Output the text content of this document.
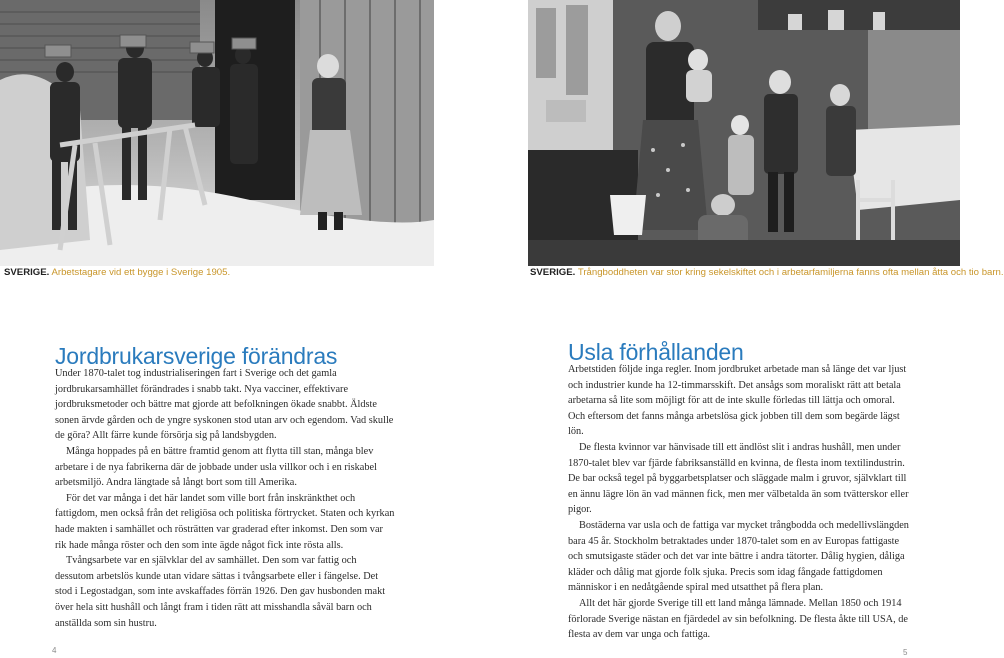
SVERIGE. Arbetstagare vid ett bygge i Sverige 1905.	SVERIGE. Trångboddheten var stor kring sekelskiftet och i arbetarfamiljerna fanns ofta mellan åtta och tio barn.
Jordbrukarsverige förändras

Under 1870-talet tog industrialiseringen fart i Sverige och det gamla jordbrukarsamhället förändrades i snabb takt. Nya vacciner, effektivare jordbruksmetoder och bättre mat gjorde att befolkningen ökade snabbt. Äldste sonen ärvde gården och de yngre syskonen stod utan arv och egendom. Vad skulle de göra? Allt färre kunde försörja sig på landsbygden.

Många hoppades på en bättre framtid genom att flytta till stan, många blev arbetare i de nya fabrikerna där de jobbade under usla villkor och i en riskabel arbetsmiljö. Andra längtade så långt bort som till Amerika.

För det var många i det här landet som ville bort från inskränkthet och fattigdom, men också från det religiösa och politiska förtrycket. Staten och kyrkan hade makten i samhället och rösträtten var graderad efter inkomst. Den som var rik hade många röster och den som inte ägde något fick inte rösta alls.

Tvångsarbete var en självklar del av samhället. Den som var fattig och dessutom arbetslös kunde utan vidare sättas i tvångsarbete eller i fängelse. Det stod i Legostadgan, som inte avskaffades förrän 1926. Den gav husbonden makt över hela sitt hushåll och långt fram i tiden rätt att misshandla såväl barn och anställda som sin hustru.

Usla förhållanden

Arbetstiden följde inga regler. Inom jordbruket arbetade man så länge det var ljust och industrier kunde ha 12-timmarsskift. Det ansågs som moraliskt rätt att betala arbetarna så lite som möjligt för att de inte skulle förledas till lättja och omoral. Och eftersom det fanns många arbetslösa gick jobben till dem som begärde lägst lön.

De flesta kvinnor var hänvisade till ett ändlöst slit i andras hushåll, men under 1870-talet blev var fjärde fabriksanställd en kvinna, de flesta inom textilindustrin. De bar också tegel på byggarbetsplatser och släggade malm i gruvor, självklart till en ännu lägre lön än vad männen fick, men mer välbetalda än som tvätterskor eller pigor.

Bostäderna var usla och de fattiga var mycket trångbodda och medellivslängden bara 45 år. Stockholm betraktades under 1870-talet som en av Europas fattigaste och smutsigaste städer och det var inte bättre i andra tätorter. Dålig hygien, dåliga kläder och dålig mat gjorde folk sjuka. Precis som idag fångade fattigdomen människor i en nedåtgående spiral med utsatthet på flera plan.

Allt det här gjorde Sverige till ett land många lämnade. Mellan 1850 och 1914 förlorade Sverige nästan en fjärdedel av sin befolkning. De flesta åkte till USA, de flesta av dem var unga och fattiga.

4	5
